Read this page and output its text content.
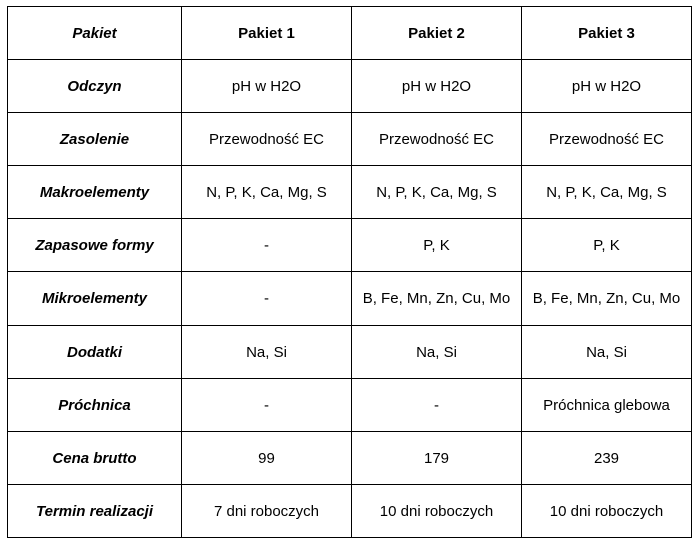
Pakiet	Pakiet 1	Pakiet 2	Pakiet 3
Odczyn	pH w H2O	pH w H2O	pH w H2O
Zasolenie	Przewodność EC	Przewodność EC	Przewodność EC
Makroelementy	N, P, K, Ca, Mg, S	N, P, K, Ca, Mg, S	N, P, K, Ca, Mg, S
Zapasowe formy	-	P, K	P, K
Mikroelementy	-	B, Fe, Mn, Zn, Cu, Mo	B, Fe, Mn, Zn, Cu, Mo
Dodatki	Na, Si	Na, Si	Na, Si
Próchnica	-	-	Próchnica glebowa
Cena brutto	99	179	239
Termin realizacji	7 dni roboczych	10 dni roboczych	10 dni roboczych
